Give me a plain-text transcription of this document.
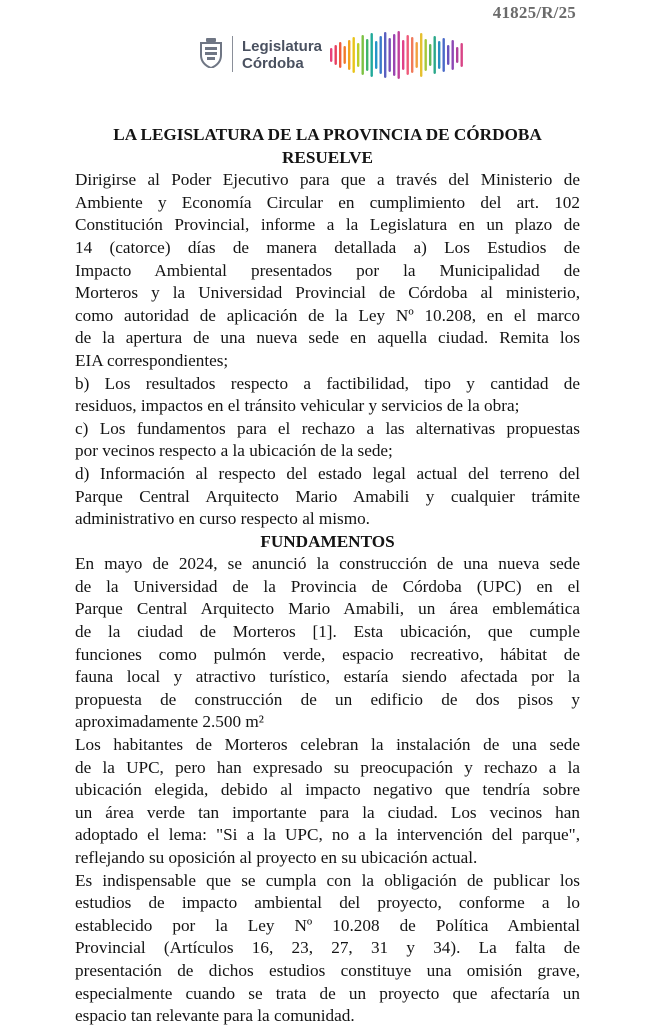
41825/R/25
Legislatura
Córdoba

LA LEGISLATURA DE LA PROVINCIA DE CÓRDOBA

RESUELVE

Dirigirse al Poder Ejecutivo para que a través del Ministerio de

Ambiente y Economía Circular en cumplimiento del art. 102

Constitución Provincial, informe a la Legislatura en un plazo de

14 (catorce) días de manera detallada a) Los Estudios de

Impacto Ambiental presentados por la Municipalidad de

Morteros y la Universidad Provincial de Córdoba al ministerio,

como autoridad de aplicación de la Ley Nº 10.208, en el marco

de la apertura de una nueva sede en aquella ciudad. Remita los

EIA correspondientes;

b) Los resultados respecto a factibilidad, tipo y cantidad de

residuos, impactos en el tránsito vehicular y servicios de la obra;

c) Los fundamentos para el rechazo a las alternativas propuestas

por vecinos respecto a la ubicación de la sede;

d) Información al respecto del estado legal actual del terreno del

Parque Central Arquitecto Mario Amabili y cualquier trámite

administrativo en curso respecto al mismo.

FUNDAMENTOS

En mayo de 2024, se anunció la construcción de una nueva sede

de la Universidad de la Provincia de Córdoba (UPC) en el

Parque Central Arquitecto Mario Amabili, un área emblemática

de la ciudad de Morteros [1]. Esta ubicación, que cumple

funciones como pulmón verde, espacio recreativo, hábitat de

fauna local y atractivo turístico, estaría siendo afectada por la

propuesta de construcción de un edificio de dos pisos y

aproximadamente 2.500 m²

Los habitantes de Morteros celebran la instalación de una sede

de la UPC, pero han expresado su preocupación y rechazo a la

ubicación elegida, debido al impacto negativo que tendría sobre

un área verde tan importante para la ciudad. Los vecinos han

adoptado el lema: "Si a la UPC, no a la intervención del parque",

reflejando su oposición al proyecto en su ubicación actual.

Es indispensable que se cumpla con la obligación de publicar los

estudios de impacto ambiental del proyecto, conforme a lo

establecido por la Ley Nº 10.208 de Política Ambiental

Provincial (Artículos 16, 23, 27, 31 y 34). La falta de

presentación de dichos estudios constituye una omisión grave,

especialmente cuando se trata de un proyecto que afectaría un

espacio tan relevante para la comunidad.
